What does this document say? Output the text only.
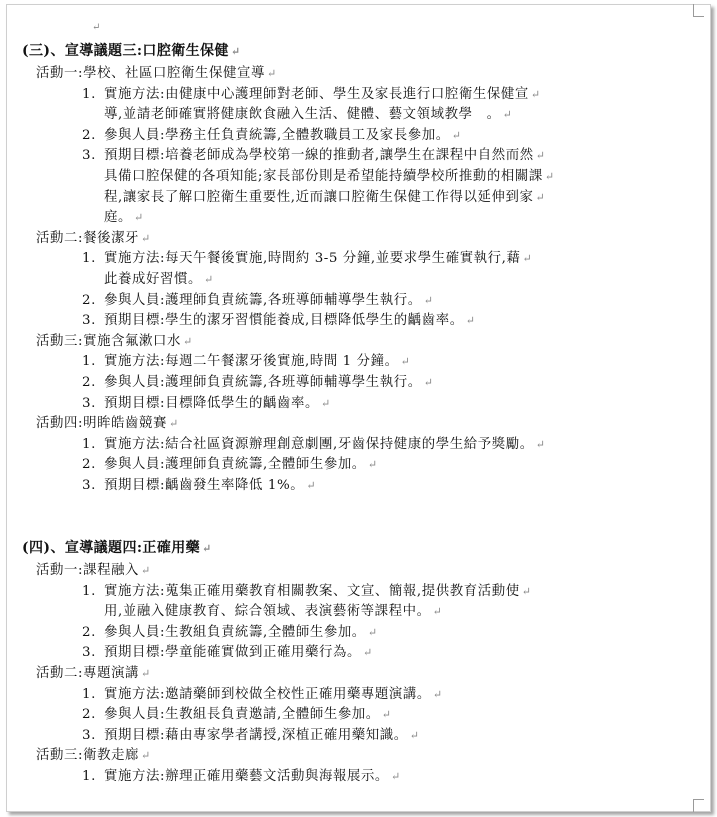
↵
(三)、宣導議題三:口腔衛生保健 ↵
活動一:學校、社區口腔衛生保健宣導 ↵
1. 實施方法:由健康中心護理師對老師、學生及家長進行口腔衛生保健宣 ↵
導,並請老師確實將健康飲食融入生活、健體、藝文領域教學　。 ↵
2. 參與人員:學務主任負責統籌,全體教職員工及家長參加。 ↵
3. 預期目標:培養老師成為學校第一線的推動者,讓學生在課程中自然而然 ↵
具備口腔保健的各項知能;家長部份則是希望能持續學校所推動的相關課 ↵
程,讓家長了解口腔衛生重要性,近而讓口腔衛生保健工作得以延伸到家 ↵
庭。 ↵
活動二:餐後潔牙 ↵
1. 實施方法:每天午餐後實施,時間約 3-5 分鐘,並要求學生確實執行,藉 ↵
此養成好習慣。 ↵
2. 參與人員:護理師負責統籌,各班導師輔導學生執行。 ↵
3. 預期目標:學生的潔牙習慣能養成,目標降低學生的齲齒率。 ↵
活動三:實施含氟漱口水 ↵
1. 實施方法:每週二午餐潔牙後實施,時間 1 分鐘。 ↵
2. 參與人員:護理師負責統籌,各班導師輔導學生執行。 ↵
3. 預期目標:目標降低學生的齲齒率。 ↵
活動四:明眸皓齒競賽 ↵
1. 實施方法:結合社區資源辦理創意劇團,牙齒保持健康的學生給予獎勵。 ↵
2. 參與人員:護理師負責統籌,全體師生參加。 ↵
3. 預期目標:齲齒發生率降低 1%。 ↵
(四)、宣導議題四:正確用藥 ↵
活動一:課程融入 ↵
1. 實施方法:蒐集正確用藥教育相關教案、文宣、簡報,提供教育活動使 ↵
用,並融入健康教育、綜合領域、表演藝術等課程中。 ↵
2. 參與人員:生教組負責統籌,全體師生參加。 ↵
3. 預期目標:學童能確實做到正確用藥行為。 ↵
活動二:專題演講 ↵
1. 實施方法:邀請藥師到校做全校性正確用藥專題演講。 ↵
2. 參與人員:生教組長負責邀請,全體師生參加。 ↵
3. 預期目標:藉由專家學者講授,深植正確用藥知識。 ↵
活動三:衛教走廊 ↵
1. 實施方法:辦理正確用藥藝文活動與海報展示。 ↵
